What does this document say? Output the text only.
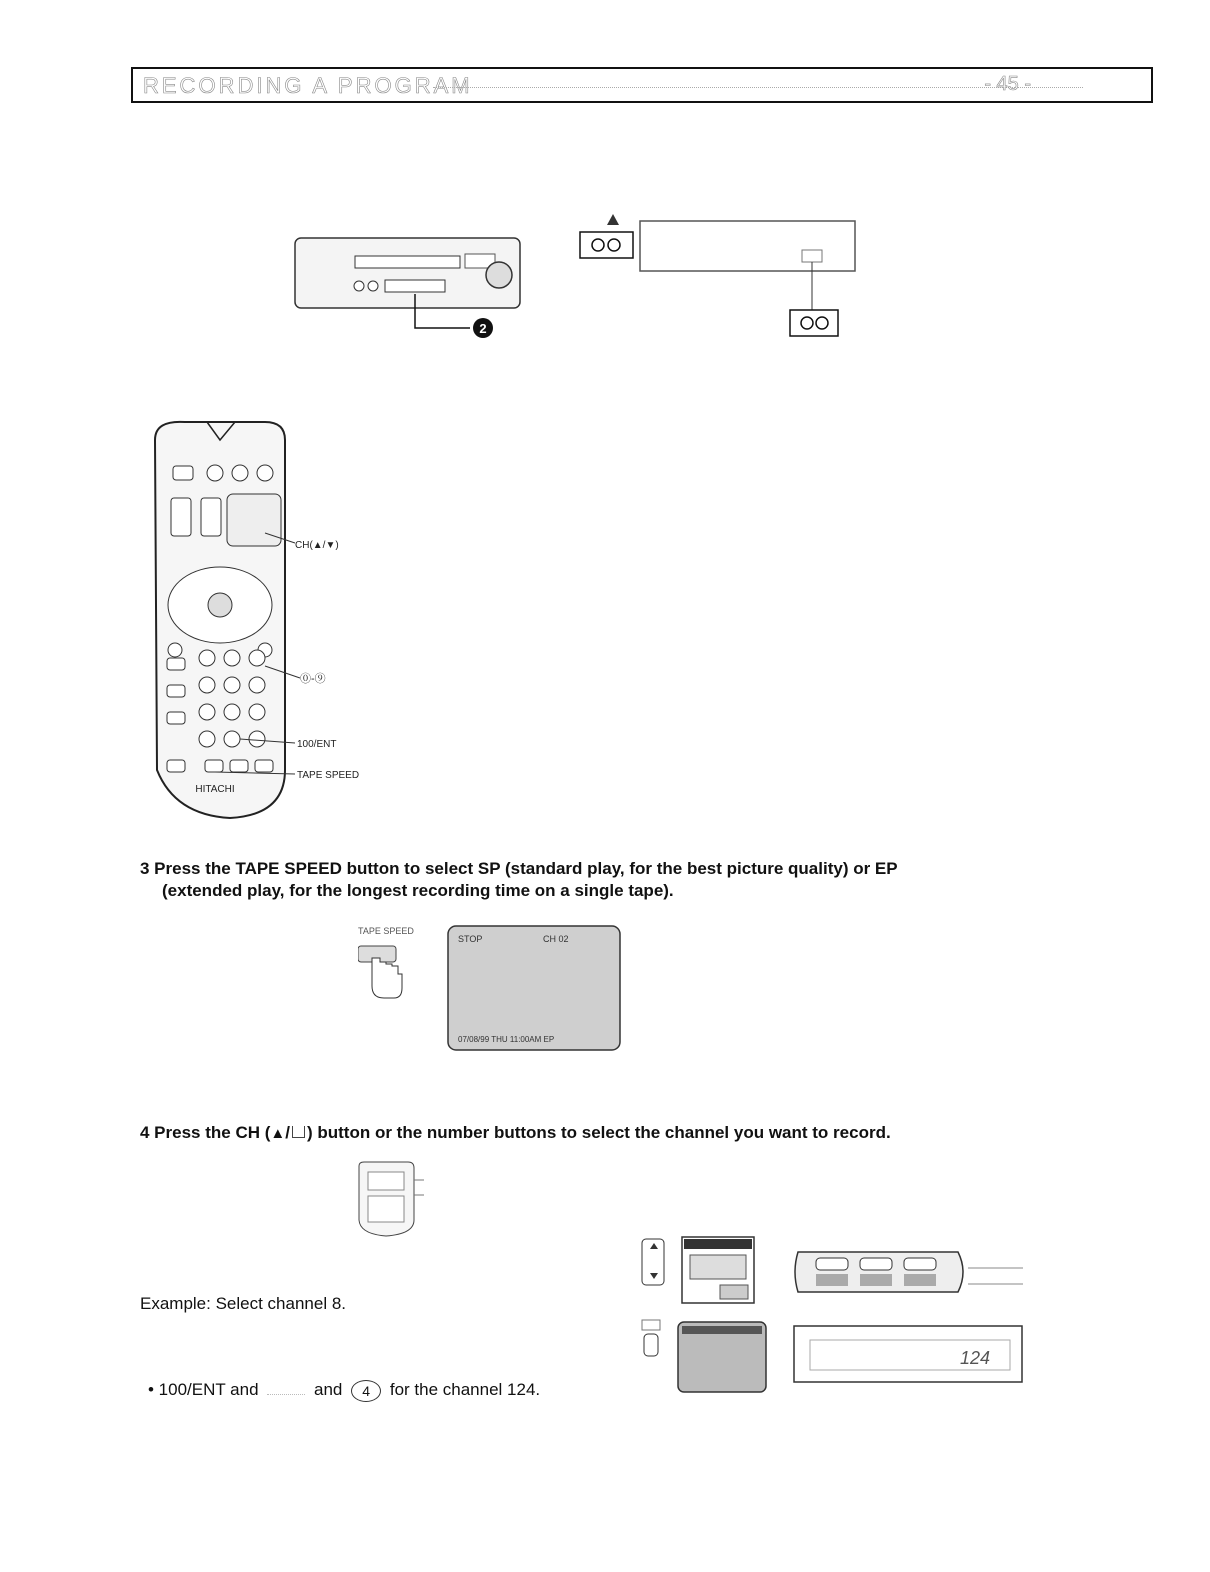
RECORDING A PROGRAM	- 45 -
2
CH(▲/▼)
⓪-⑨
100/ENT
TAPE SPEED
HITACHI
3 Press the TAPE SPEED button to select SP (standard play, for the best picture quality) or EP
(extended play, for the longest recording time on a single tape).
TAPE SPEED
STOP	CH 02
07/08/99 THU 11:00AM EP
4 Press the CH (▲/ ) button or the number buttons to select the channel you want to record.
Example: Select channel 8.
• 100/ENT and	and 4 for the channel 124.
124
